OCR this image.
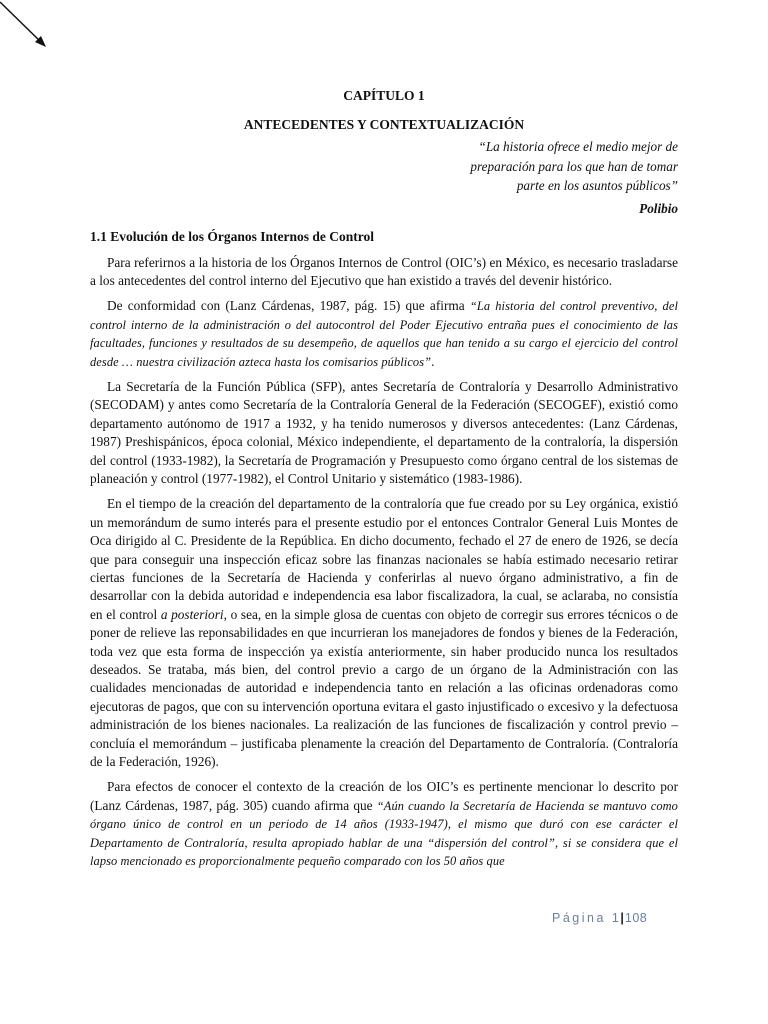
CAPÍTULO 1
ANTECEDENTES Y CONTEXTUALIZACIÓN
“La historia ofrece el medio mejor de
preparación para los que han de tomar
parte en los asuntos públicos”
Polibio
1.1 Evolución de los Órganos Internos de Control

Para referirnos a la historia de los Órganos Internos de Control (OIC’s) en México, es necesario trasladarse a los antecedentes del control interno del Ejecutivo que han existido a través del devenir histórico.

De conformidad con (Lanz Cárdenas, 1987, pág. 15) que afirma “La historia del control preventivo, del control interno de la administración o del autocontrol del Poder Ejecutivo entraña pues el conocimiento de las facultades, funciones y resultados de su desempeño, de aquellos que han tenido a su cargo el ejercicio del control desde … nuestra civilización azteca hasta los comisarios públicos”.

La Secretaría de la Función Pública (SFP), antes Secretaría de Contraloría y Desarrollo Administrativo (SECODAM) y antes como Secretaría de la Contraloría General de la Federación (SECOGEF), existió como departamento autónomo de 1917 a 1932, y ha tenido numerosos y diversos antecedentes: (Lanz Cárdenas, 1987) Preshispánicos, época colonial, México independiente, el departamento de la contraloría, la dispersión del control (1933-1982), la Secretaría de Programación y Presupuesto como órgano central de los sistemas de planeación y control (1977-1982), el Control Unitario y sistemático (1983-1986).

En el tiempo de la creación del departamento de la contraloría que fue creado por su Ley orgánica, existió un memorándum de sumo interés para el presente estudio por el entonces Contralor General Luis Montes de Oca dirigido al C. Presidente de la República. En dicho documento, fechado el 27 de enero de 1926, se decía que para conseguir una inspección eficaz sobre las finanzas nacionales se había estimado necesario retirar ciertas funciones de la Secretaría de Hacienda y conferirlas al nuevo órgano administrativo, a fin de desarrollar con la debida autoridad e independencia esa labor fiscalizadora, la cual, se aclaraba, no consistía en el control a posteriori, o sea, en la simple glosa de cuentas con objeto de corregir sus errores técnicos o de poner de relieve las reponsabilidades en que incurrieran los manejadores de fondos y bienes de la Federación, toda vez que esta forma de inspección ya existía anteriormente, sin haber producido nunca los resultados deseados. Se trataba, más bien, del control previo a cargo de un órgano de la Administración con las cualidades mencionadas de autoridad e independencia tanto en relación a las oficinas ordenadoras como ejecutoras de pagos, que con su intervención oportuna evitara el gasto injustificado o excesivo y la defectuosa administración de los bienes nacionales. La realización de las funciones de fiscalización y control previo – concluía el memorándum – justificaba plenamente la creación del Departamento de Contraloría. (Contraloría de la Federación, 1926).

Para efectos de conocer el contexto de la creación de los OIC’s es pertinente mencionar lo descrito por (Lanz Cárdenas, 1987, pág. 305) cuando afirma que “Aún cuando la Secretaría de Hacienda se mantuvo como órgano único de control en un periodo de 14 años (1933-1947), el mismo que duró con ese carácter el Departamento de Contraloría, resulta apropiado hablar de una “dispersión del control”, si se considera que el lapso mencionado es proporcionalmente pequeño comparado con los 50 años que

Página 1|108
